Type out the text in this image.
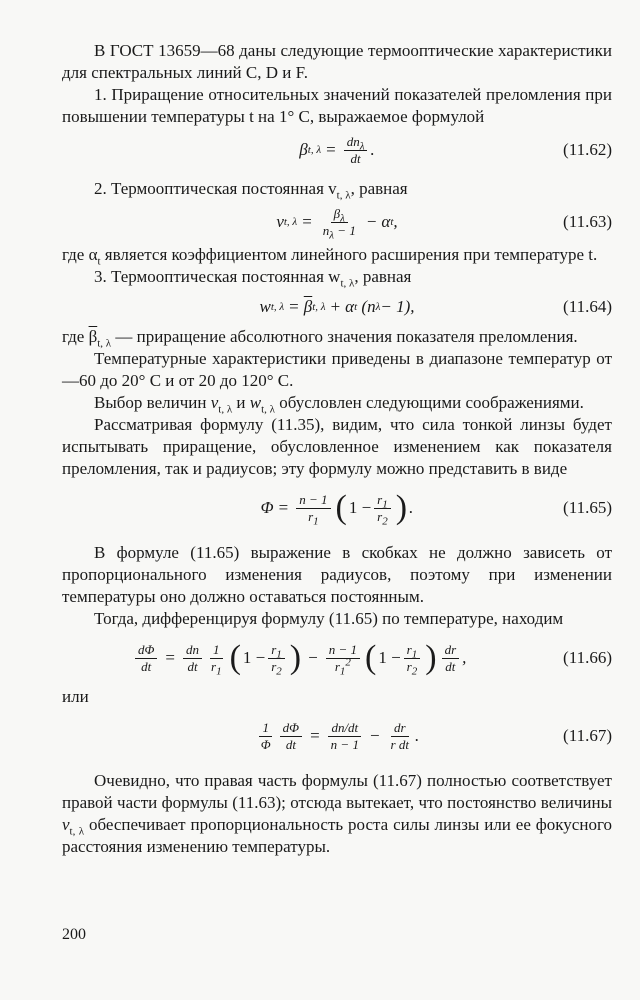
В ГОСТ 13659—68 даны следующие термооптические характеристики для спектральных линий C, D и F.

1. Приращение относительных значений показателей преломления при повышении температуры t на 1° C, выражаемое формулой

β t, $\lambda = \frac{dn_\lambda}{dt}$ .	(11.62)

2. Термооптическая постоянная $v_{t, \lambda}$, равная

v t, $\lambda = \frac{\beta_\lambda}{n_\lambda - 1} - \alpha$ t ,	(11.63)

где $\alpha_t$ является коэффициентом линейного расширения при температуре t.

3. Термооптическая постоянная $w_{t, \lambda}$, равная

w t, $\lambda = \overline{\beta}$ t, λ + α t
(n λ − 1),	(11.64)

где $\overline{\beta}_{t, \lambda}$ — приращение абсолютного значения показателя преломления.

Температурные характеристики приведены в диапазоне температур от —60 до 20° C и от 20 до 120° C.

Выбор величин $v_{t, \lambda}$ и $w_{t, \lambda}$ обусловлен следующими соображениями.

Рассматривая формулу (11.35), видим, что сила тонкой линзы будет испытывать приращение, обусловленное изменением как показателя преломления, так и радиусов; эту формулу можно представить в виде

$\Phi = \frac{n - 1}{r_1}$ ( $1 - \frac{r_1}{r_2}$ ) .	(11.65)

В формуле (11.65) выражение в скобках не должно зависеть от пропорционального изменения радиусов, поэтому при изменении температуры оно должно оставаться постоянным.

Тогда, дифференцируя формулу (11.65) по температуре, находим

$\frac{d\Phi}{dt} = \frac{dn}{dt} \frac{1}{r_1}$ ( $1 - \frac{r_1}{r_2}$ ) − $\frac{n - 1}{r_1^2}$ ( $1 - \frac{r_1}{r_2}$ ) $\frac{dr}{dt}$ ,	(11.66)

или

$\frac{1}{\Phi} \frac{d\Phi}{dt} = \frac{dn/dt}{n - 1} - \frac{dr}{\text{r dt}}$ .	(11.67)

Очевидно, что правая часть формулы (11.67) полностью соответствует правой части формулы (11.63); отсюда вытекает, что постоянство величины $v_{t, \lambda}$ обеспечивает пропорциональность роста силы линзы или ее фокусного расстояния изменению температуры.

200
